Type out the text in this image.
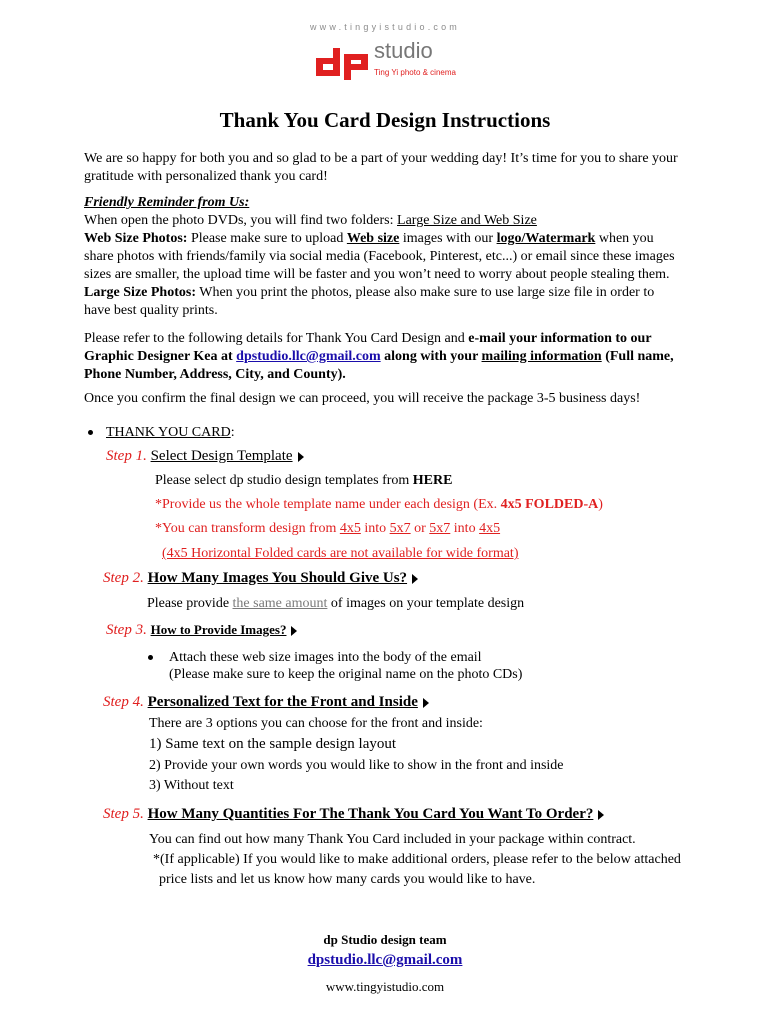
www.tingyistudio.com
studio
Ting Yi photo & cinema
Thank You Card Design Instructions
We are so happy for both you and so glad to be a part of your wedding day! It’s time for you to share your
gratitude with personalized thank you card!
Friendly Reminder from Us:
When open the photo DVDs, you will find two folders: Large Size and Web Size
Web Size Photos: Please make sure to upload Web size images with our logo/Watermark when you
share photos with friends/family via social media (Facebook, Pinterest, etc...) or email since these images
sizes are smaller, the upload time will be faster and you won’t need to worry about people stealing them.
Large Size Photos: When you print the photos, please also make sure to use large size file in order to
have best quality prints.
Please refer to the following details for Thank You Card Design and e-mail your information to our
Graphic Designer Kea at dpstudio.llc@gmail.com along with your mailing information (Full name,
Phone Number, Address, City, and County).
Once you confirm the final design we can proceed, you will receive the package 3-5 business days!
THANK YOU CARD:
Step 1. Select Design Template
Please select dp studio design templates from HERE
*Provide us the whole template name under each design (Ex. 4x5 FOLDED-A)
*You can transform design from 4x5 into 5x7 or 5x7 into 4x5
(4x5 Horizontal Folded cards are not available for wide format)
Step 2. How Many Images You Should Give Us?
Please provide the same amount of images on your template design
Step 3. How to Provide Images?
Attach these web size images into the body of the email
(Please make sure to keep the original name on the photo CDs)
Step 4. Personalized Text for the Front and Inside
There are 3 options you can choose for the front and inside:
1) Same text on the sample design layout
2) Provide your own words you would like to show in the front and inside
3) Without text
Step 5. How Many Quantities For The Thank You Card You Want To Order?
You can find out how many Thank You Card included in your package within contract.
*(If applicable) If you would like to make additional orders, please refer to the below attached
price lists and let us know how many cards you would like to have.
dp Studio design team
dpstudio.llc@gmail.com
www.tingyistudio.com
